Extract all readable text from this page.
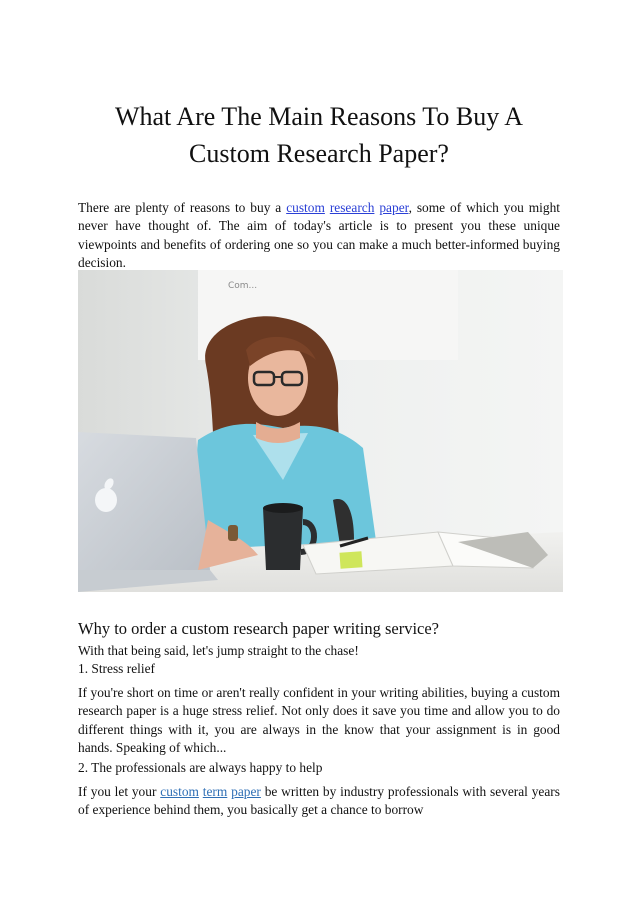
What Are The Main Reasons To Buy A
Custom Research Paper?
There are plenty of reasons to buy a custom research paper, some of which you might never have thought of. The aim of today's article is to present you these unique viewpoints and benefits of ordering one so you can make a much better-informed buying decision.
Com...
Why to order a custom research paper writing service?
With that being said, let's jump straight to the chase!
1. Stress relief
If you're short on time or aren't really confident in your writing abilities, buying a custom research paper is a huge stress relief. Not only does it save you time and allow you to do different things with it, you are always in the know that your assignment is in good hands. Speaking of which...
2. The professionals are always happy to help
If you let your custom term paper be written by industry professionals with several years of experience behind them, you basically get a chance to borrow
